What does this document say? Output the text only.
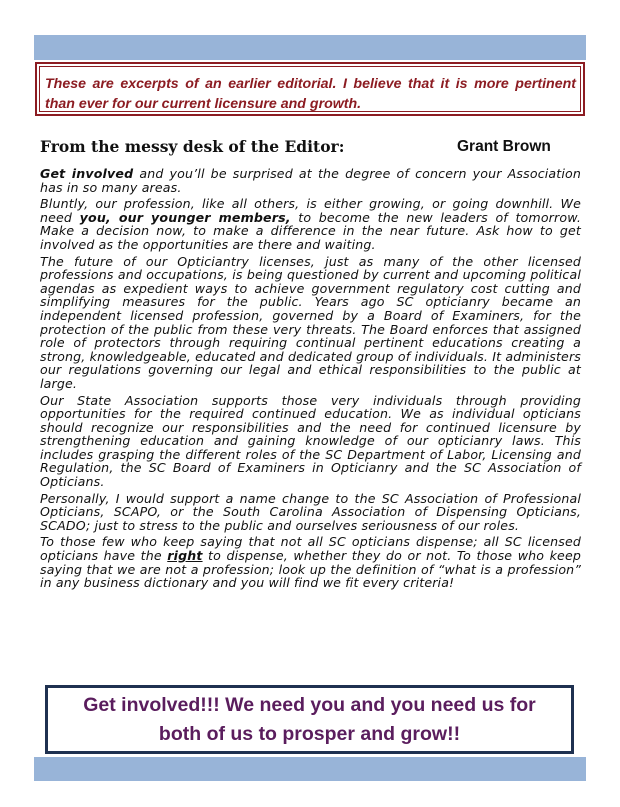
These are excerpts of an earlier editorial. I believe that it is more pertinent than ever for our current licensure and growth.
From the messy desk of the Editor:	Grant Brown

Get involved and you’ll be surprised at the degree of concern your Association has in so many areas.

Bluntly, our profession, like all others, is either growing, or going downhill. We need you, our younger members, to become the new leaders of tomorrow. Make a decision now, to make a difference in the near future. Ask how to get involved as the opportunities are there and waiting.

The future of our Opticiantry licenses, just as many of the other licensed professions and occupations, is being questioned by current and upcoming political agendas as expedient ways to achieve government regulatory cost cutting and simplifying measures for the public. Years ago SC opticianry became an independent licensed profession, governed by a Board of Examiners, for the protection of the public from these very threats. The Board enforces that assigned role of protectors through requiring continual pertinent educations creating a strong, knowledgeable, educated and dedicated group of individuals. It administers our regulations governing our legal and ethical responsibilities to the public at large.

Our State Association supports those very individuals through providing opportunities for the required continued education. We as individual opticians should recognize our responsibilities and the need for continued licensure by strengthening education and gaining knowledge of our opticianry laws. This includes grasping the different roles of the SC Department of Labor, Licensing and Regulation, the SC Board of Examiners in Opticianry and the SC Association of Opticians.

Personally, I would support a name change to the SC Association of Professional Opticians, SCAPO, or the South Carolina Association of Dispensing Opticians, SCADO; just to stress to the public and ourselves seriousness of our roles.

To those few who keep saying that not all SC opticians dispense; all SC licensed opticians have the right to dispense, whether they do or not. To those who keep saying that we are not a profession; look up the definition of “what is a profession” in any business dictionary and you will find we fit every criteria!

Get involved!!! We need you and you need us for
both of us to prosper and grow!!
